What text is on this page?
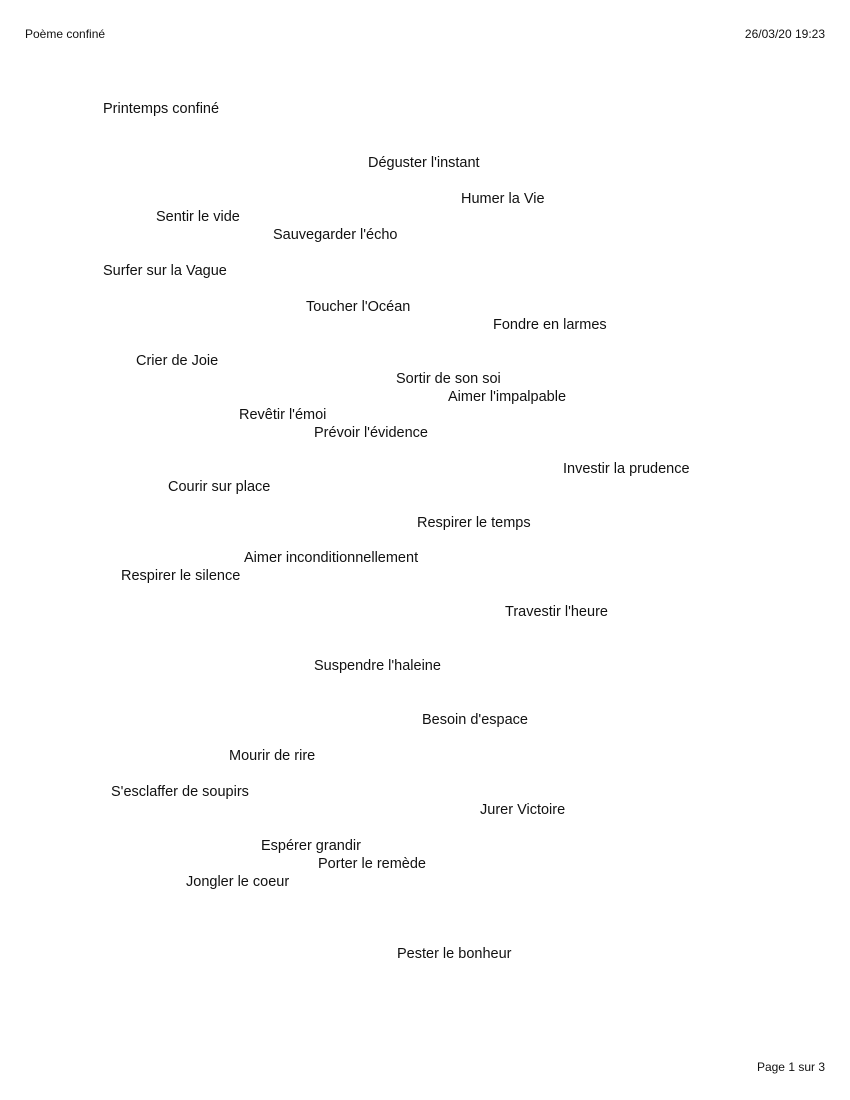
Poème confiné	26/03/20 19:23
Printemps confiné
Déguster l'instant
Humer la Vie
Sentir le vide
Sauvegarder l'écho
Surfer sur la Vague
Toucher l'Océan
Fondre en larmes
Crier de Joie
Sortir de son soi
Aimer l'impalpable
Revêtir l'émoi
Prévoir l'évidence
Investir la prudence
Courir sur place
Respirer le temps
Aimer inconditionnellement
Respirer le silence
Travestir l'heure
Suspendre l'haleine
Besoin d'espace
Mourir de rire
S'esclaffer de soupirs
Jurer Victoire
Espérer grandir
Porter le remède
Jongler le coeur
Pester le bonheur
Page 1 sur 3
